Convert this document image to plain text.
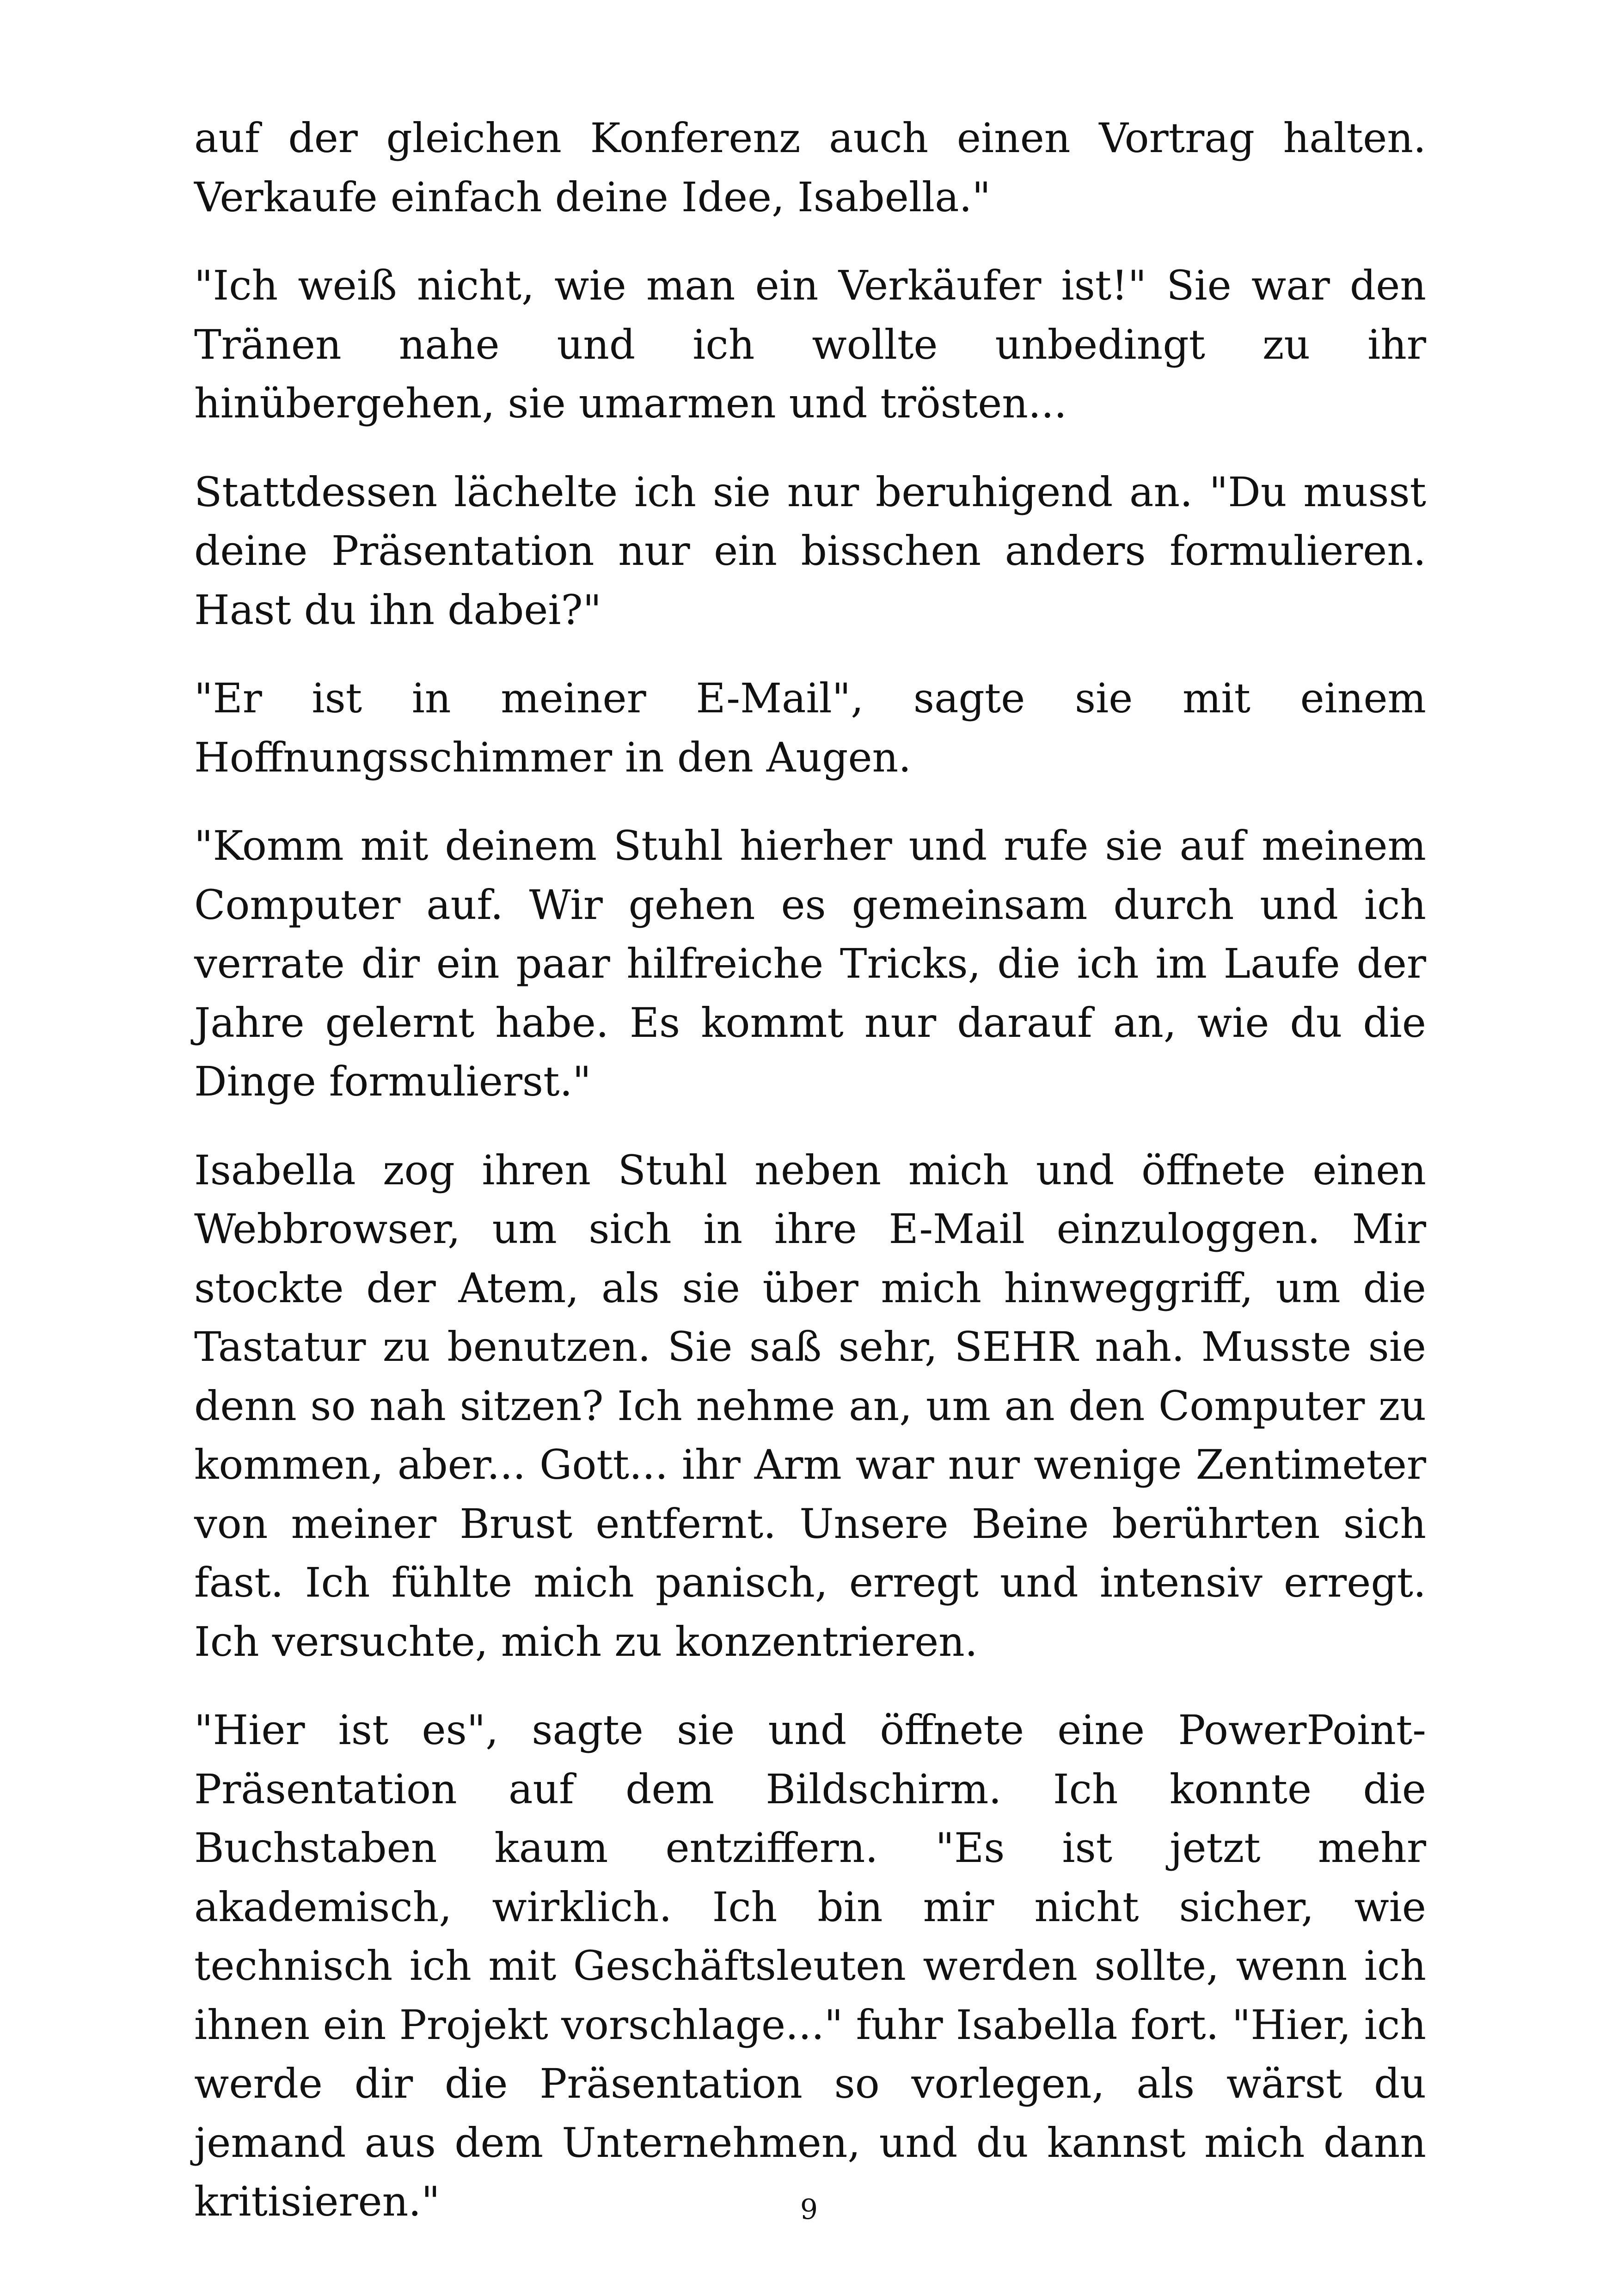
auf der gleichen Konferenz auch einen Vortrag halten. Verkaufe einfach deine Idee, Isabella."

"Ich weiß nicht, wie man ein Verkäufer ist!" Sie war den Tränen nahe und ich wollte unbedingt zu ihr hinübergehen, sie umarmen und trösten...

Stattdessen lächelte ich sie nur beruhigend an. "Du musst deine Präsentation nur ein bisschen anders formulieren. Hast du ihn dabei?"

"Er ist in meiner E-Mail", sagte sie mit einem Hoffnungsschimmer in den Augen.

"Komm mit deinem Stuhl hierher und rufe sie auf meinem Computer auf. Wir gehen es gemeinsam durch und ich verrate dir ein paar hilfreiche Tricks, die ich im Laufe der Jahre gelernt habe. Es kommt nur darauf an, wie du die Dinge formulierst."

Isabella zog ihren Stuhl neben mich und öffnete einen Webbrowser, um sich in ihre E-Mail einzuloggen. Mir stockte der Atem, als sie über mich hinweggriff, um die Tastatur zu benutzen. Sie saß sehr, SEHR nah. Musste sie denn so nah sitzen? Ich nehme an, um an den Computer zu kommen, aber... Gott... ihr Arm war nur wenige Zentimeter von meiner Brust entfernt. Unsere Beine berührten sich fast. Ich fühlte mich panisch, erregt und intensiv erregt. Ich versuchte, mich zu konzentrieren.

"Hier ist es", sagte sie und öffnete eine PowerPoint-Präsentation auf dem Bildschirm. Ich konnte die Buchstaben kaum entziffern. "Es ist jetzt mehr akademisch, wirklich. Ich bin mir nicht sicher, wie technisch ich mit Geschäftsleuten werden sollte, wenn ich ihnen ein Projekt vorschlage..." fuhr Isabella fort. "Hier, ich werde dir die Präsentation so vorlegen, als wärst du jemand aus dem Unternehmen, und du kannst mich dann kritisieren."	9
